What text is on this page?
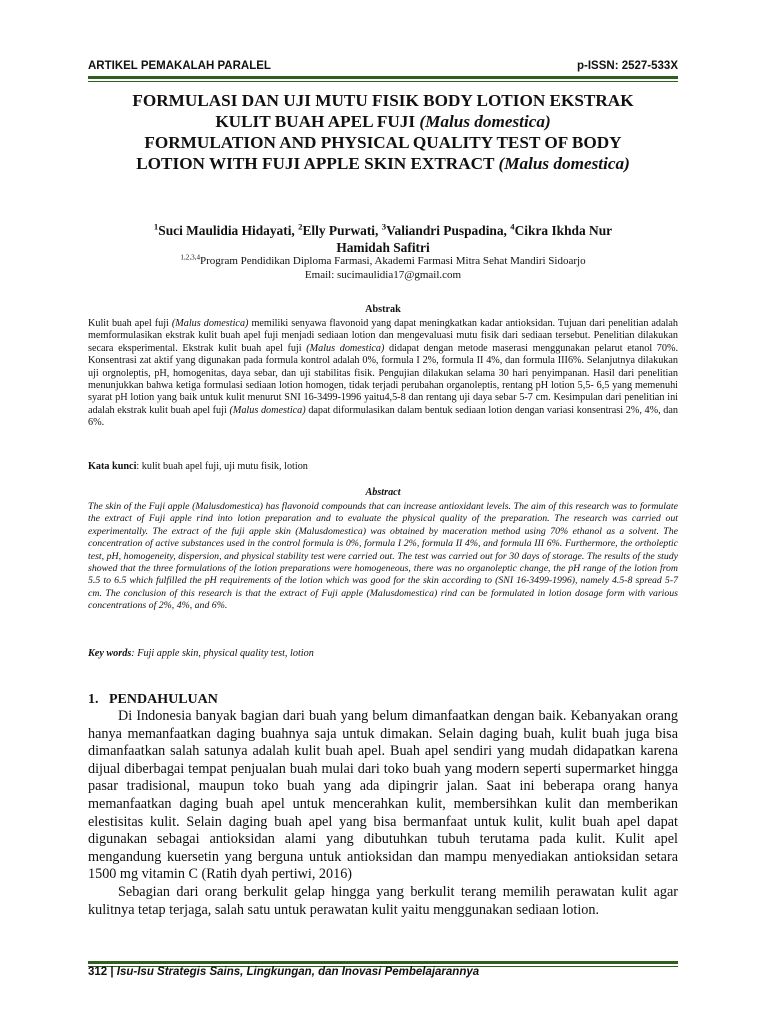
ARTIKEL PEMAKALAH PARALEL	p-ISSN: 2527-533X
FORMULASI DAN UJI MUTU FISIK BODY LOTION EKSTRAK
KULIT BUAH APEL FUJI (Malus domestica)
FORMULATION AND PHYSICAL QUALITY TEST OF BODY
LOTION WITH FUJI APPLE SKIN EXTRACT (Malus domestica)
$^1$Suci Maulidia Hidayati, $^2$Elly Purwati, $^3$Valiandri Puspadina, $^4$Cikra Ikhda Nur
Hamidah Safitri
$^{1,2,3,4}$Program Pendidikan Diploma Farmasi, Akademi Farmasi Mitra Sehat Mandiri Sidoarjo
Email: sucimaulidia17@gmail.com
Abstrak
Kulit buah apel fuji (Malus domestica) memiliki senyawa flavonoid yang dapat meningkatkan kadar antioksidan. Tujuan dari penelitian adalah memformulasikan ekstrak kulit buah apel fuji menjadi sediaan lotion dan mengevaluasi mutu fisik dari sediaan tersebut. Penelitian dilakukan secara eksperimental. Ekstrak kulit buah apel fuji (Malus domestica) didapat dengan metode maserasi menggunakan pelarut etanol 70%. Konsentrasi zat aktif yang digunakan pada formula kontrol adalah 0%, formula I 2%, formula II 4%, dan formula III6%. Selanjutnya dilakukan uji orgnoleptis, pH, homogenitas, daya sebar, dan uji stabilitas fisik. Pengujian dilakukan selama 30 hari penyimpanan. Hasil dari penelitian menunjukkan bahwa ketiga formulasi sediaan lotion homogen, tidak terjadi perubahan organoleptis, rentang pH lotion 5,5- 6,5 yang memenuhi syarat pH lotion yang baik untuk kulit menurut SNI 16-3499-1996 yaitu4,5-8 dan rentang uji daya sebar 5-7 cm. Kesimpulan dari penelitian ini adalah ekstrak kulit buah apel fuji (Malus domestica) dapat diformulasikan dalam bentuk sediaan lotion dengan variasi konsentrasi 2%, 4%, dan 6%.
Kata kunci: kulit buah apel fuji, uji mutu fisik, lotion
Abstract
The skin of the Fuji apple (Malusdomestica) has flavonoid compounds that can increase antioxidant levels. The aim of this research was to formulate the extract of Fuji apple rind into lotion preparation and to evaluate the physical quality of the preparation. The research was carried out experimentally. The extract of the fuji apple skin (Malusdomestica) was obtained by maceration method using 70% ethanol as a solvent. The concentration of active substances used in the control formula is 0%, formula I 2%, formula II 4%, and formula III 6%. Furthermore, the ortholeptic test, pH, homogeneity, dispersion, and physical stability test were carried out. The test was carried out for 30 days of storage. The results of the study showed that the three formulations of the lotion preparations were homogeneous, there was no organoleptic change, the pH range of the lotion from 5.5 to 6.5 which fulfilled the pH requirements of the lotion which was good for the skin according to (SNI 16-3499-1996), namely 4.5-8 spread 5-7 cm. The conclusion of this research is that the extract of Fuji apple (Malusdomestica) rind can be formulated in lotion dosage form with various concentrations of 2%, 4%, and 6%.
Key words: Fuji apple skin, physical quality test, lotion
1.   PENDAHULUAN

Di Indonesia banyak bagian dari buah yang belum dimanfaatkan dengan baik. Kebanyakan orang hanya memanfaatkan daging buahnya saja untuk dimakan. Selain daging buah, kulit buah juga bisa dimanfaatkan salah satunya adalah kulit buah apel. Buah apel sendiri yang mudah didapatkan karena dijual diberbagai tempat penjualan buah mulai dari toko buah yang modern seperti supermarket hingga pasar tradisional, maupun toko buah yang ada dipingrir jalan. Saat ini beberapa orang hanya memanfaatkan daging buah apel untuk mencerahkan kulit, membersihkan kulit dan memberikan elestisitas kulit. Selain daging buah apel yang bisa bermanfaat untuk kulit, kulit buah apel dapat digunakan sebagai antioksidan alami yang dibutuhkan tubuh terutama pada kulit. Kulit apel mengandung kuersetin yang berguna untuk antioksidan dan mampu menyediakan antioksidan setara 1500 mg vitamin C (Ratih dyah pertiwi, 2016)

Sebagian dari orang berkulit gelap hingga yang berkulit terang memilih perawatan kulit agar kulitnya tetap terjaga, salah satu untuk perawatan kulit yaitu menggunakan sediaan lotion.

312 | Isu-Isu Strategis Sains, Lingkungan, dan Inovasi Pembelajarannya
